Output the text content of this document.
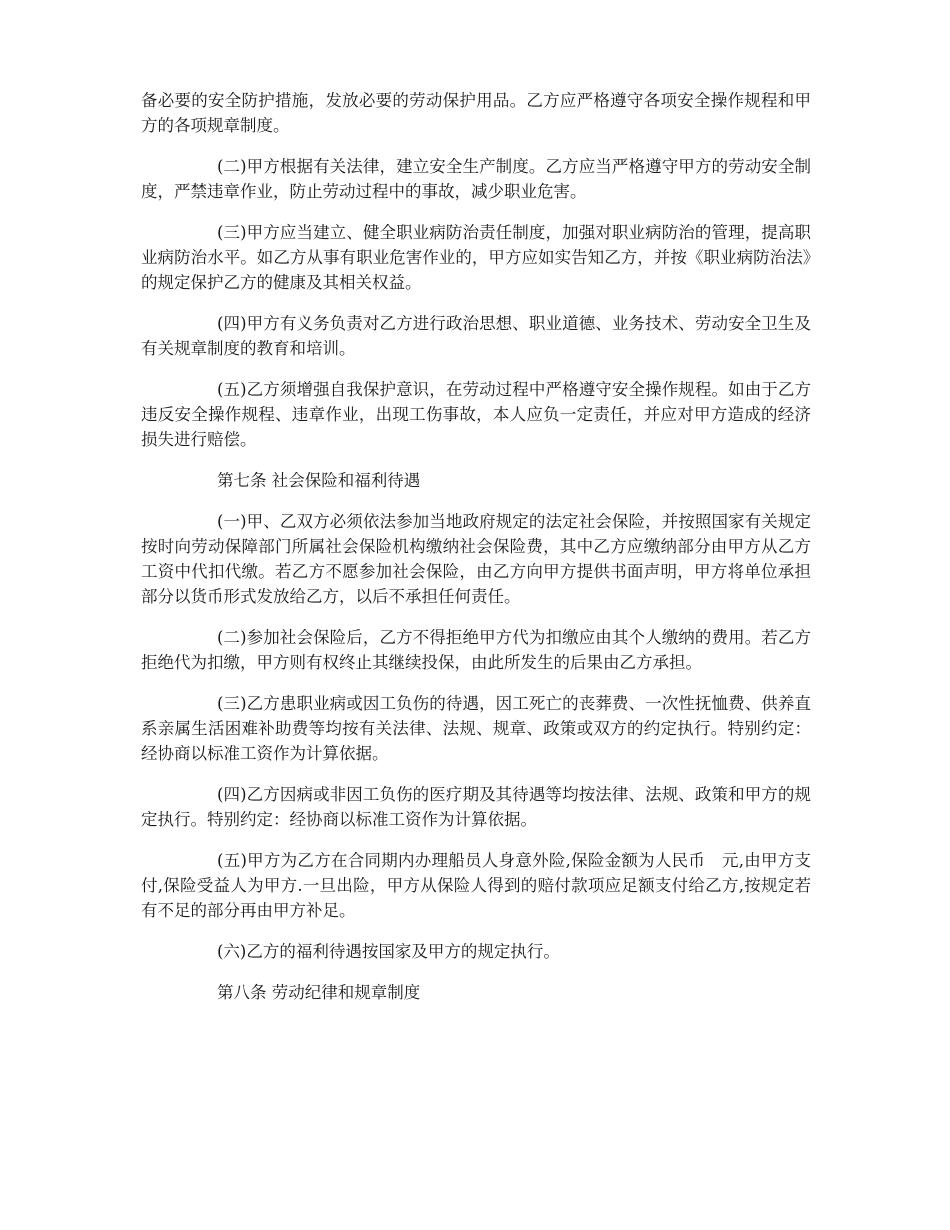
备必要的安全防护措施，发放必要的劳动保护用品。乙方应严格遵守各项安全操作规程和甲方的各项规章制度。

(二)甲方根据有关法律，建立安全生产制度。乙方应当严格遵守甲方的劳动安全制度，严禁违章作业，防止劳动过程中的事故，减少职业危害。

(三)甲方应当建立、健全职业病防治责任制度，加强对职业病防治的管理，提高职业病防治水平。如乙方从事有职业危害作业的，甲方应如实告知乙方，并按《职业病防治法》的规定保护乙方的健康及其相关权益。

(四)甲方有义务负责对乙方进行政治思想、职业道德、业务技术、劳动安全卫生及有关规章制度的教育和培训。

(五)乙方须增强自我保护意识，在劳动过程中严格遵守安全操作规程。如由于乙方违反安全操作规程、违章作业，出现工伤事故，本人应负一定责任，并应对甲方造成的经济损失进行赔偿。

第七条 社会保险和福利待遇

(一)甲、乙双方必须依法参加当地政府规定的法定社会保险，并按照国家有关规定按时向劳动保障部门所属社会保险机构缴纳社会保险费，其中乙方应缴纳部分由甲方从乙方工资中代扣代缴。若乙方不愿参加社会保险，由乙方向甲方提供书面声明，甲方将单位承担部分以货币形式发放给乙方，以后不承担任何责任。

(二)参加社会保险后，乙方不得拒绝甲方代为扣缴应由其个人缴纳的费用。若乙方拒绝代为扣缴，甲方则有权终止其继续投保，由此所发生的后果由乙方承担。

(三)乙方患职业病或因工负伤的待遇，因工死亡的丧葬费、一次性抚恤费、供养直系亲属生活困难补助费等均按有关法律、法规、规章、政策或双方的约定执行。特别约定：经协商以标准工资作为计算依据。

(四)乙方因病或非因工负伤的医疗期及其待遇等均按法律、法规、政策和甲方的规定执行。特别约定：经协商以标准工资作为计算依据。

(五)甲方为乙方在合同期内办理船员人身意外险,保险金额为人民币　元,由甲方支付,保险受益人为甲方.一旦出险，甲方从保险人得到的赔付款项应足额支付给乙方,按规定若有不足的部分再由甲方补足。

(六)乙方的福利待遇按国家及甲方的规定执行。

第八条 劳动纪律和规章制度
